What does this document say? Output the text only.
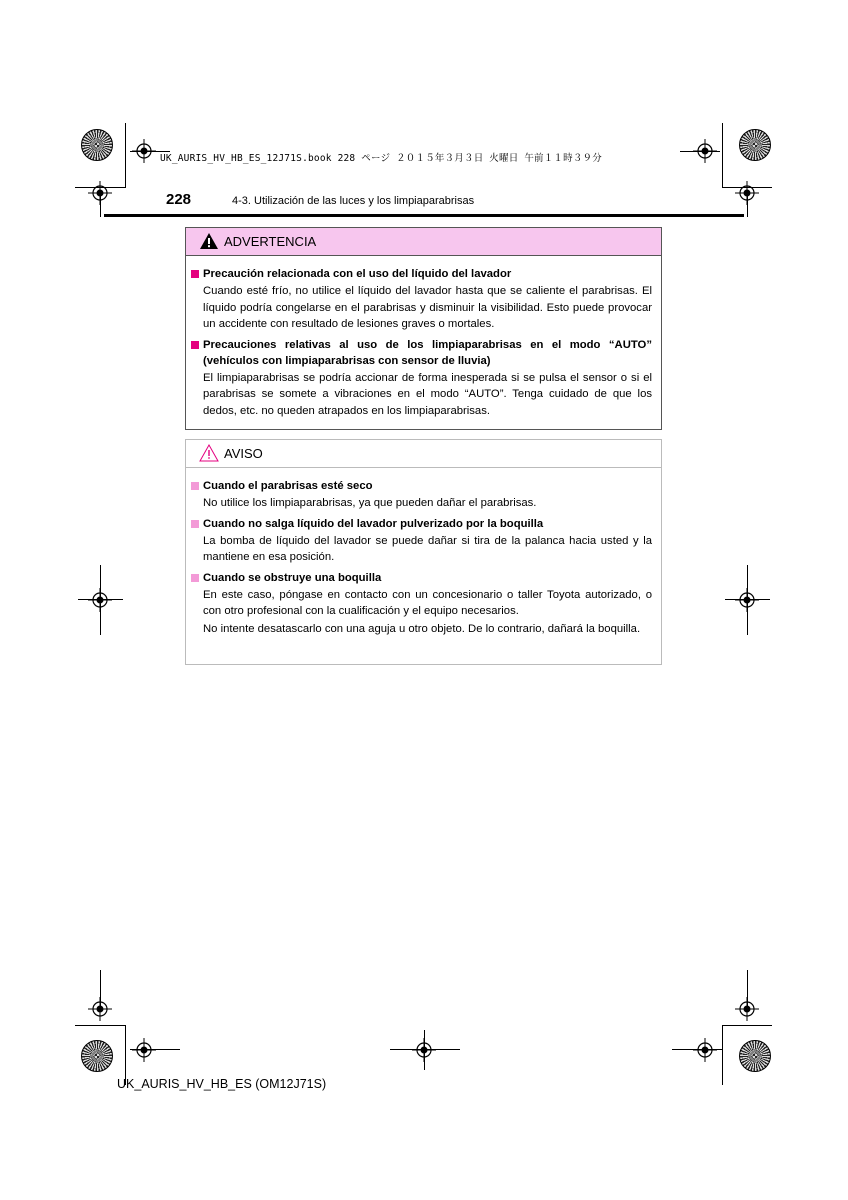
UK_AURIS_HV_HB_ES_12J71S.book 228 ページ ２０１５年３月３日 火曜日 午前１１時３９分
228	4-3. Utilización de las luces y los limpiaparabrisas
ADVERTENCIA
Precaución relacionada con el uso del líquido del lavador
Cuando esté frío, no utilice el líquido del lavador hasta que se caliente el parabrisas. El líquido podría congelarse en el parabrisas y disminuir la visibilidad. Esto puede provocar un accidente con resultado de lesiones graves o mortales.
Precauciones relativas al uso de los limpiaparabrisas en el modo “AUTO” (vehículos con limpiaparabrisas con sensor de lluvia)
El limpiaparabrisas se podría accionar de forma inesperada si se pulsa el sensor o si el parabrisas se somete a vibraciones en el modo “AUTO”. Tenga cuidado de que los dedos, etc. no queden atrapados en los limpiaparabrisas.
AVISO
Cuando el parabrisas esté seco
No utilice los limpiaparabrisas, ya que pueden dañar el parabrisas.
Cuando no salga líquido del lavador pulverizado por la boquilla
La bomba de líquido del lavador se puede dañar si tira de la palanca hacia usted y la mantiene en esa posición.
Cuando se obstruye una boquilla
En este caso, póngase en contacto con un concesionario o taller Toyota autorizado, o con otro profesional con la cualificación y el equipo necesarios.
No intente desatascarlo con una aguja u otro objeto. De lo contrario, dañará la boquilla.
UK_AURIS_HV_HB_ES (OM12J71S)
